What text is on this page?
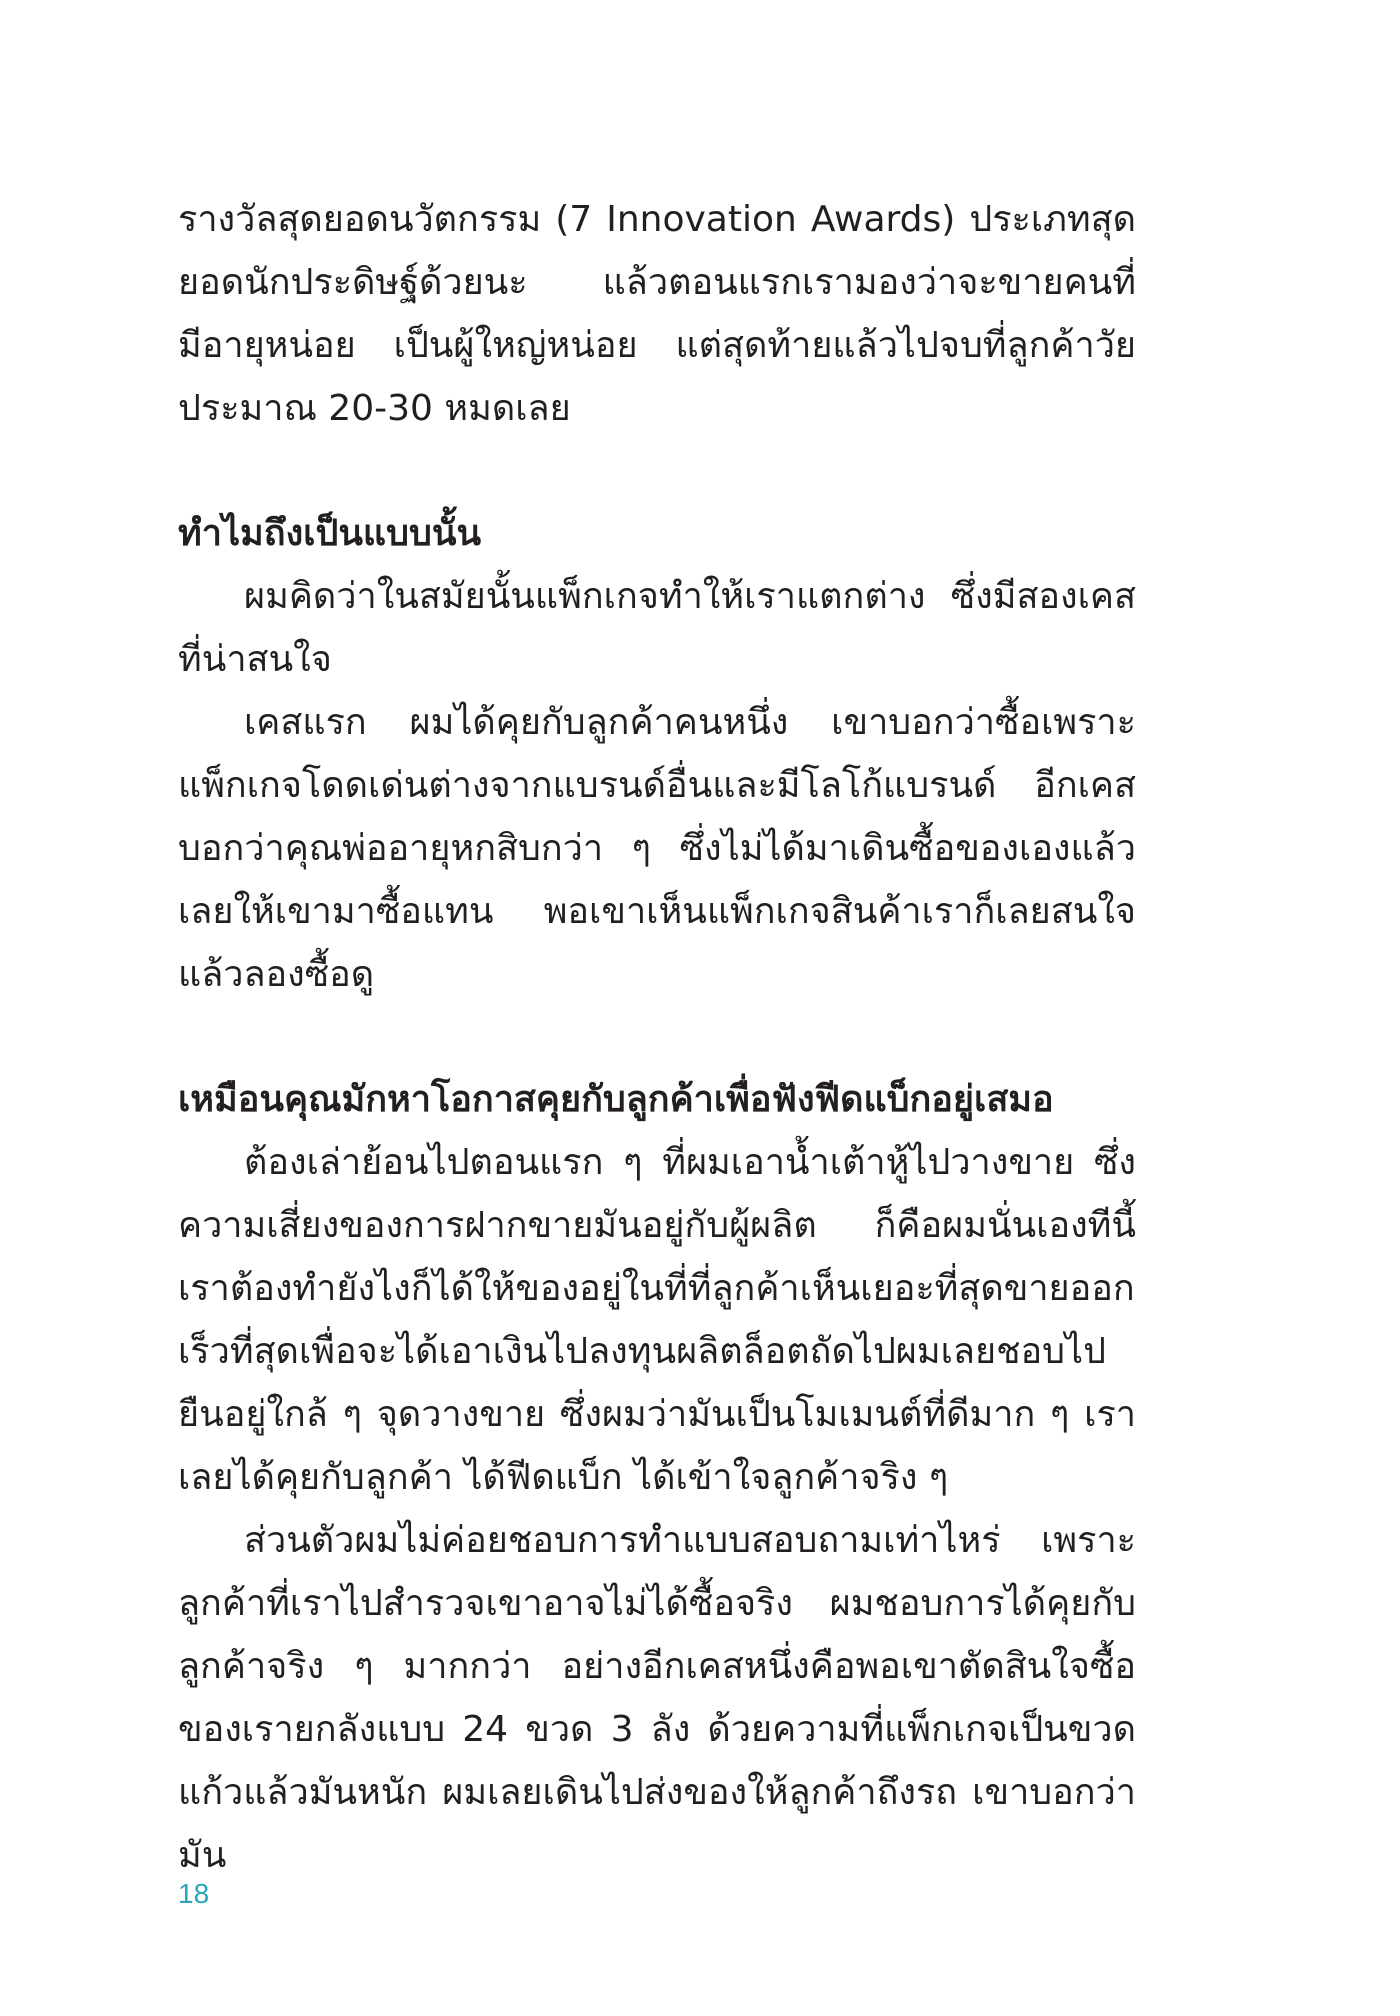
รางวัลสุดยอดนวัตกรรม (7 Innovation Awards) ประเภทสุดยอดนักประดิษฐ์ด้วยนะ แล้วตอนแรกเรามองว่าจะขายคนที่มีอายุหน่อย เป็นผู้ใหญ่หน่อย แต่สุดท้ายแล้วไปจบที่ลูกค้าวัยประมาณ 20-30 หมดเลย

ทำไมถึงเป็นแบบนั้น

ผมคิดว่าในสมัยนั้นแพ็กเกจทำให้เราแตกต่าง ซึ่งมีสองเคสที่น่าสนใจ

เคสแรก ผมได้คุยกับลูกค้าคนหนึ่ง เขาบอกว่าซื้อเพราะแพ็กเกจโดดเด่นต่างจากแบรนด์อื่นและมีโลโก้แบรนด์ อีกเคสบอกว่าคุณพ่ออายุหกสิบกว่า ๆ ซึ่งไม่ได้มาเดินซื้อของเองแล้วเลยให้เขามาซื้อแทน พอเขาเห็นแพ็กเกจสินค้าเราก็เลยสนใจแล้วลองซื้อดู

เหมือนคุณมักหาโอกาสคุยกับลูกค้าเพื่อฟังฟีดแบ็กอยู่เสมอ

ต้องเล่าย้อนไปตอนแรก ๆ ที่ผมเอาน้ำเต้าหู้ไปวางขาย ซึ่งความเสี่ยงของการฝากขายมันอยู่กับผู้ผลิต ก็คือผมนั่นเองทีนี้เราต้องทำยังไงก็ได้ให้ของอยู่ในที่ที่ลูกค้าเห็นเยอะที่สุดขายออกเร็วที่สุดเพื่อจะได้เอาเงินไปลงทุนผลิตล็อตถัดไปผมเลยชอบไปยืนอยู่ใกล้ ๆ จุดวางขาย ซึ่งผมว่ามันเป็นโมเมนต์ที่ดีมาก ๆ เราเลยได้คุยกับลูกค้า ได้ฟีดแบ็ก ได้เข้าใจลูกค้าจริง ๆ

ส่วนตัวผมไม่ค่อยชอบการทำแบบสอบถามเท่าไหร่ เพราะลูกค้าที่เราไปสำรวจเขาอาจไม่ได้ซื้อจริง ผมชอบการได้คุยกับลูกค้าจริง ๆ มากกว่า อย่างอีกเคสหนึ่งคือพอเขาตัดสินใจซื้อของเรายกลังแบบ 24 ขวด 3 ลัง ด้วยความที่แพ็กเกจเป็นขวดแก้วแล้วมันหนัก ผมเลยเดินไปส่งของให้ลูกค้าถึงรถ เขาบอกว่ามัน

18
